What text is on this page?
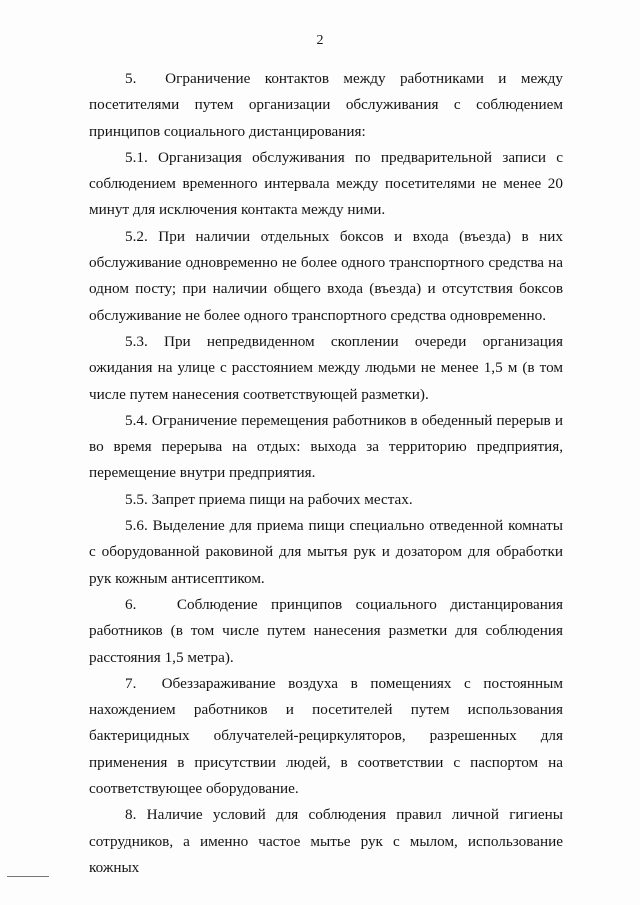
2

5.  Ограничение контактов между работниками и между посетителями путем организации обслуживания с соблюдением принципов социального дистанцирования:

5.1. Организация обслуживания по предварительной записи с соблюдением временного интервала между посетителями не менее 20 минут для исключения контакта между ними.

5.2. При наличии отдельных боксов и входа (въезда) в них обслуживание одновременно не более одного транспортного средства на одном посту; при наличии общего входа (въезда) и отсутствия боксов обслуживание не более одного транспортного средства одновременно.

5.3. При непредвиденном скоплении очереди организация ожидания на улице с расстоянием между людьми не менее 1,5 м (в том числе путем нанесения соответствующей разметки).

5.4. Ограничение перемещения работников в обеденный перерыв и во время перерыва на отдых: выхода за территорию предприятия, перемещение внутри предприятия.

5.5. Запрет приема пищи на рабочих местах.

5.6. Выделение для приема пищи специально отведенной комнаты с оборудованной раковиной для мытья рук и дозатором для обработки рук кожным антисептиком.

6.   Соблюдение принципов социального дистанцирования работников (в том числе путем нанесения разметки для соблюдения расстояния 1,5 метра).

7.  Обеззараживание воздуха в помещениях с постоянным нахождением работников и посетителей путем использования бактерицидных облучателей-рециркуляторов, разрешенных для применения в присутствии людей, в соответствии с паспортом на соответствующее оборудование.

8. Наличие условий для соблюдения правил личной гигиены сотрудников, а именно частое мытье рук с мылом, использование кожных
